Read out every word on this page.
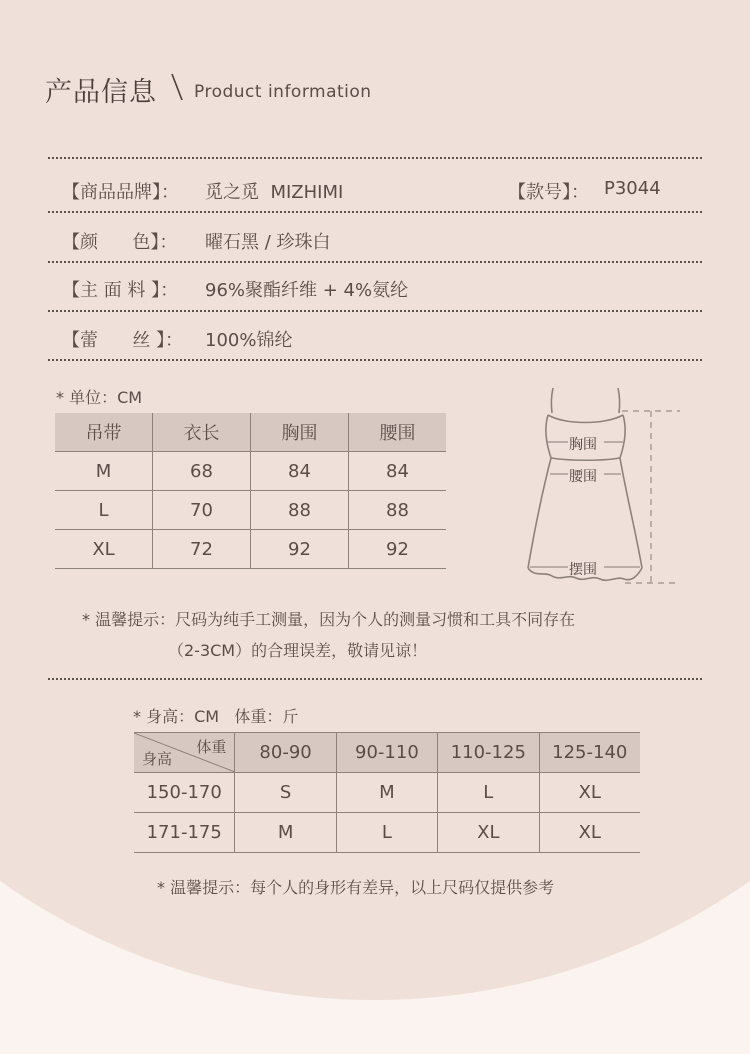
产品信息 Product information
【商品品牌】： 觅之觅  MIZHIMI	【款号】： P3044
【颜      色】： 曜石黑 / 珍珠白
【主 面 料 】： 96%聚酯纤维 + 4%氨纶
【蕾      丝 】： 100%锦纶
* 单位：CM
吊带	衣长	胸围	腰围
M	68	84	84
L	70	88	88
XL	72	92	92
胸围
腰围
摆围
* 温馨提示：尺码为纯手工测量，因为个人的测量习惯和工具不同存在
（2-3CM）的合理误差，敬请见谅！
* 身高：CM   体重：斤
体重
身高	80-90	90-110	110-125	125-140
150-170	S	M	L	XL
171-175	M	L	XL	XL
* 温馨提示：每个人的身形有差异，以上尺码仅提供参考
